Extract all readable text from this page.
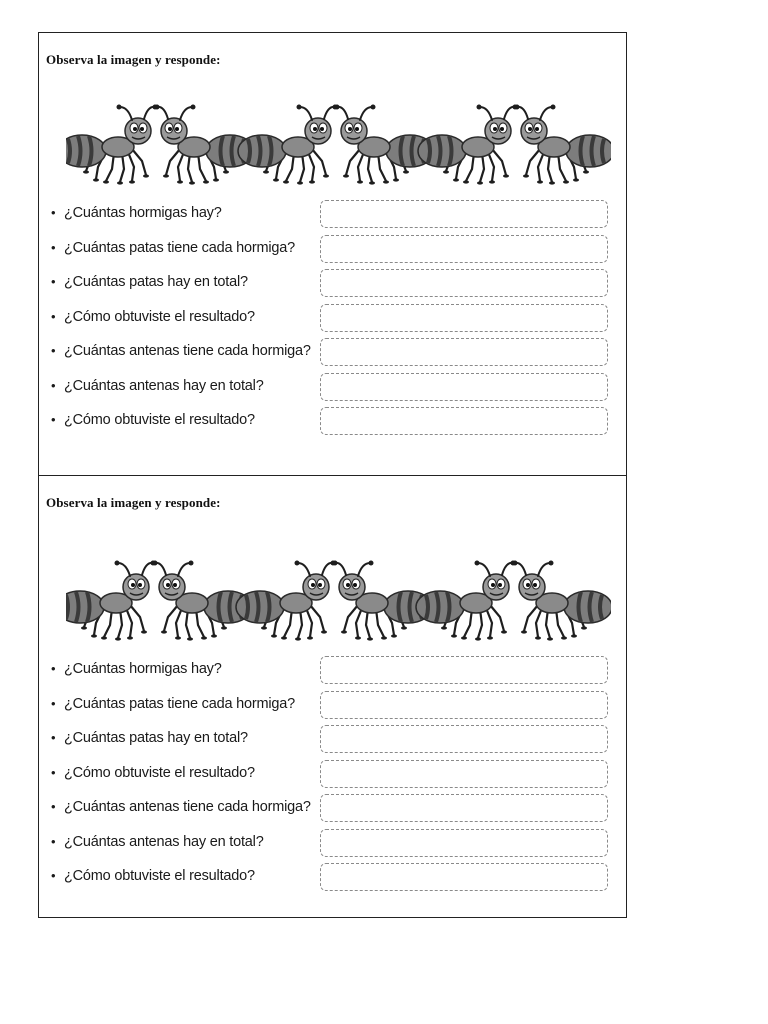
Observa la imagen y responde:
• ¿Cuántas hormigas hay?
• ¿Cuántas patas tiene cada hormiga?
• ¿Cuántas patas hay en total?
• ¿Cómo obtuviste el resultado?
• ¿Cuántas antenas tiene cada hormiga?
• ¿Cuántas antenas hay en total?
• ¿Cómo obtuviste el resultado?
Observa la imagen y responde:
• ¿Cuántas hormigas hay?
• ¿Cuántas patas tiene cada hormiga?
• ¿Cuántas patas hay en total?
• ¿Cómo obtuviste el resultado?
• ¿Cuántas antenas tiene cada hormiga?
• ¿Cuántas antenas hay en total?
• ¿Cómo obtuviste el resultado?
